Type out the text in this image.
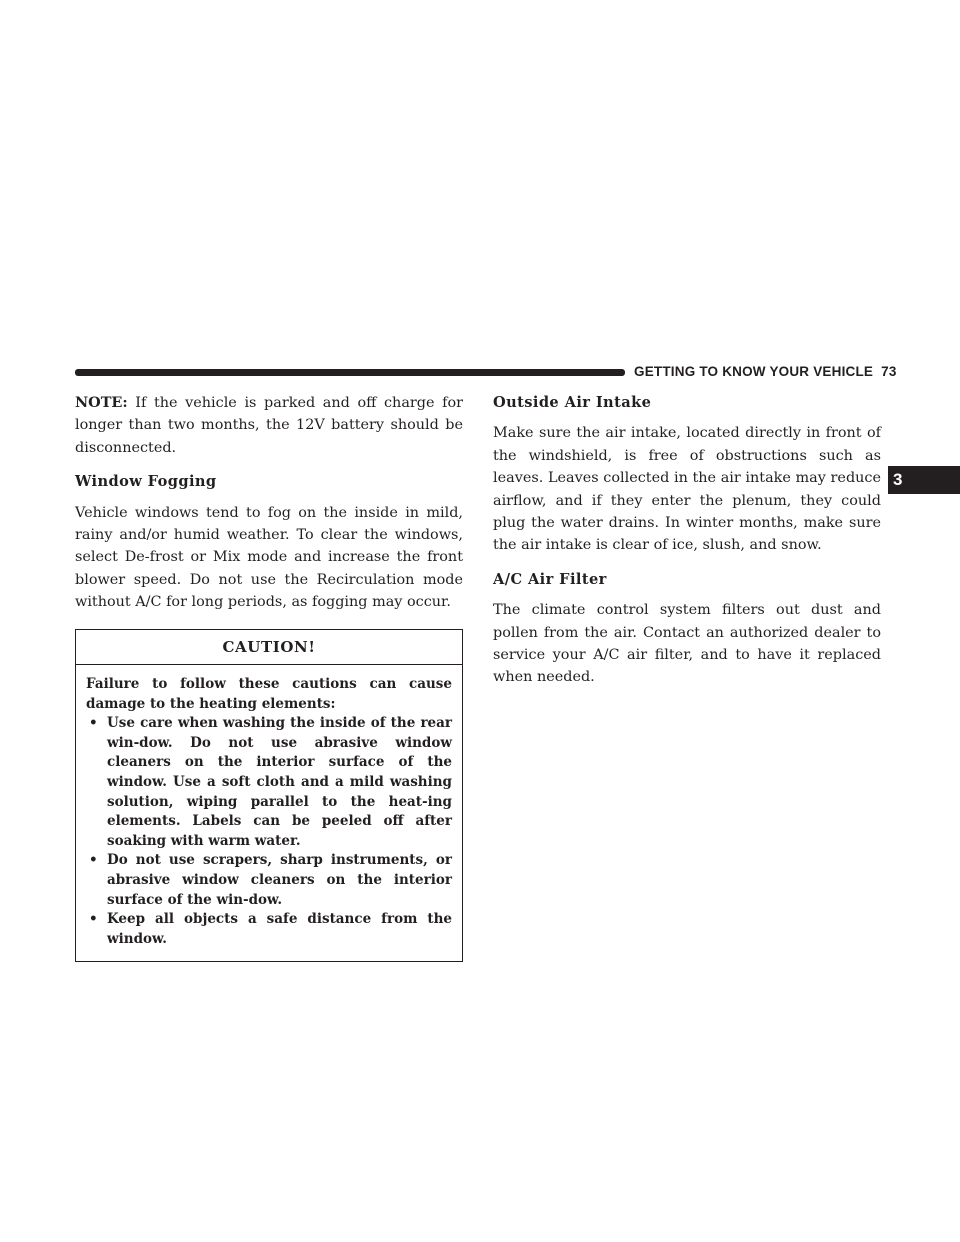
GETTING TO KNOW YOUR VEHICLE 73
3

NOTE: If the vehicle is parked and off charge for longer than two months, the 12V battery should be disconnected.

Window Fogging

Vehicle windows tend to fog on the inside in mild, rainy and/or humid weather. To clear the windows, select De-frost or Mix mode and increase the front blower speed. Do not use the Recirculation mode without A/C for long periods, as fogging may occur.

CAUTION!
Failure to follow these cautions can cause damage to the heating elements:
• Use care when washing the inside of the rear win-dow. Do not use abrasive window cleaners on the interior surface of the window. Use a soft cloth and a mild washing solution, wiping parallel to the heat-ing elements. Labels can be peeled off after soaking with warm water.
• Do not use scrapers, sharp instruments, or abrasive window cleaners on the interior surface of the win-dow.
• Keep all objects a safe distance from the window.
Outside Air Intake

Make sure the air intake, located directly in front of the windshield, is free of obstructions such as leaves. Leaves collected in the air intake may reduce airflow, and if they enter the plenum, they could plug the water drains. In winter months, make sure the air intake is clear of ice, slush, and snow.

A/C Air Filter

The climate control system filters out dust and pollen from the air. Contact an authorized dealer to service your A/C air filter, and to have it replaced when needed.
